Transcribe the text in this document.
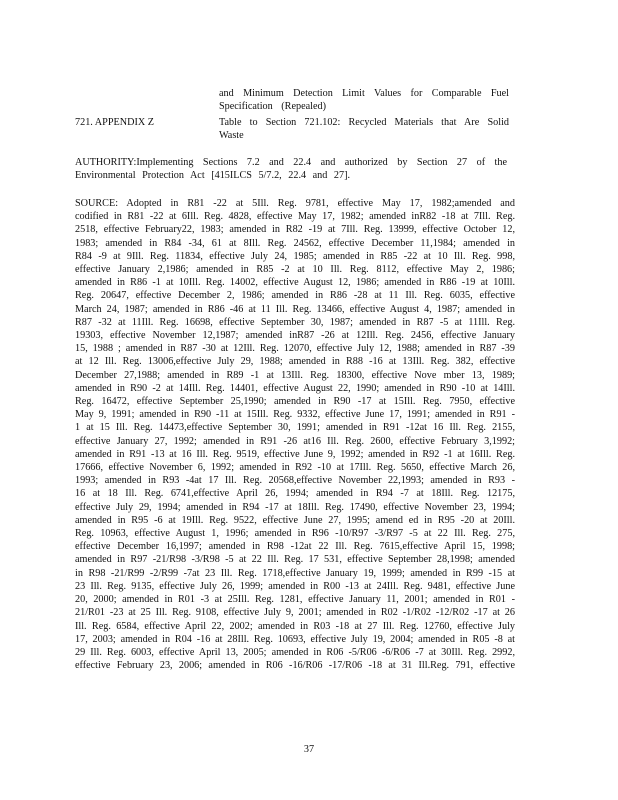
and Minimum Detection Limit Values for Comparable Fuel
Specification (Repealed)
721. APPENDIX Z	Table to Section 721.102: Recycled Materials that Are Solid
Waste
AUTHORITY:Implementing Sections 7.2 and 22.4 and authorized by Section 27 of the
Environmental Protection Act [415ILCS 5/7.2, 22.4 and 27].
SOURCE: Adopted in R81 -22 at 5Ill. Reg. 9781, effective May 17, 1982;amended and
codified in R81 -22 at 6Ill. Reg. 4828, effective May 17, 1982; amended inR82 -18 at 7Ill. Reg.
2518, effective February22, 1983; amended in R82 -19 at 7Ill. Reg. 13999, effective October 12,
1983; amended in R84 -34, 61 at 8Ill. Reg. 24562, effective December 11,1984; amended in
R84 -9 at 9Ill. Reg. 11834, effective July 24, 1985; amended in R85 -22 at 10 Ill. Reg. 998,
effective January 2,1986; amended in R85 -2 at 10 Ill. Reg. 8112, effective May 2, 1986;
amended in R86 -1 at 10Ill. Reg. 14002, effective August 12, 1986; amended in R86 -19 at 10Ill.
Reg. 20647, effective December 2, 1986; amended in R86 -28 at 11 Ill. Reg. 6035, effective
March 24, 1987; amended in R86 -46 at 11 Ill. Reg. 13466, effective August 4, 1987; amended in
R87 -32 at 11Ill. Reg. 16698, effective September 30, 1987; amended in R87 -5 at 11Ill. Reg.
19303, effective November 12,1987; amended inR87 -26 at 12Ill. Reg. 2456, effective January
15, 1988 ; amended in R87 -30 at 12Ill. Reg. 12070, effective July 12, 1988; amended in R87 -39
at 12 Ill. Reg. 13006,effective July 29, 1988; amended in R88 -16 at 13Ill. Reg. 382, effective
December 27,1988; amended in R89 -1 at 13Ill. Reg. 18300, effective Nove mber 13, 1989;
amended in R90 -2 at 14Ill. Reg. 14401, effective August 22, 1990; amended in R90 -10 at 14Ill.
Reg. 16472, effective September 25,1990; amended in R90 -17 at 15Ill. Reg. 7950, effective
May 9, 1991; amended in R90 -11 at 15Ill. Reg. 9332, effective June 17, 1991; amended in R91 -
1 at 15 Ill. Reg. 14473,effective September 30, 1991; amended in R91 -12at 16 Ill. Reg. 2155,
effective January 27, 1992; amended in R91 -26 at16 Ill. Reg. 2600, effective February 3,1992;
amended in R91 -13 at 16 Ill. Reg. 9519, effective June 9, 1992; amended in R92 -1 at 16Ill. Reg.
17666, effective November 6, 1992; amended in R92 -10 at 17Ill. Reg. 5650, effective March 26,
1993; amended in R93 -4at 17 Ill. Reg. 20568,effective November 22,1993; amended in R93 -
16 at 18 Ill. Reg. 6741,effective April 26, 1994; amended in R94 -7 at 18Ill. Reg. 12175,
effective July 29, 1994; amended in R94 -17 at 18Ill. Reg. 17490, effective November 23, 1994;
amended in R95 -6 at 19Ill. Reg. 9522, effective June 27, 1995; amend ed in R95 -20 at 20Ill.
Reg. 10963, effective August 1, 1996; amended in R96 -10/R97 -3/R97 -5 at 22 Ill. Reg. 275,
effective December 16,1997; amended in R98 -12at 22 Ill. Reg. 7615,effective April 15, 1998;
amended in R97 -21/R98 -3/R98 -5 at 22 Ill. Reg. 17 531, effective September 28,1998; amended
in R98 -21/R99 -2/R99 -7at 23 Ill. Reg. 1718,effective January 19, 1999; amended in R99 -15 at
23 Ill. Reg. 9135, effective July 26, 1999; amended in R00 -13 at 24Ill. Reg. 9481, effective June
20, 2000; amended in R01 -3 at 25Ill. Reg. 1281, effective January 11, 2001; amended in R01 -
21/R01 -23 at 25 Ill. Reg. 9108, effective July 9, 2001; amended in R02 -1/R02 -12/R02 -17 at 26
Ill. Reg. 6584, effective April 22, 2002; amended in R03 -18 at 27 Ill. Reg. 12760, effective July
17, 2003; amended in R04 -16 at 28Ill. Reg. 10693, effective July 19, 2004; amended in R05 -8 at
29 Ill. Reg. 6003, effective April 13, 2005; amended in R06 -5/R06 -6/R06 -7 at 30Ill. Reg. 2992,
effective February 23, 2006; amended in R06 -16/R06 -17/R06 -18 at 31 Ill.Reg. 791, effective
37
